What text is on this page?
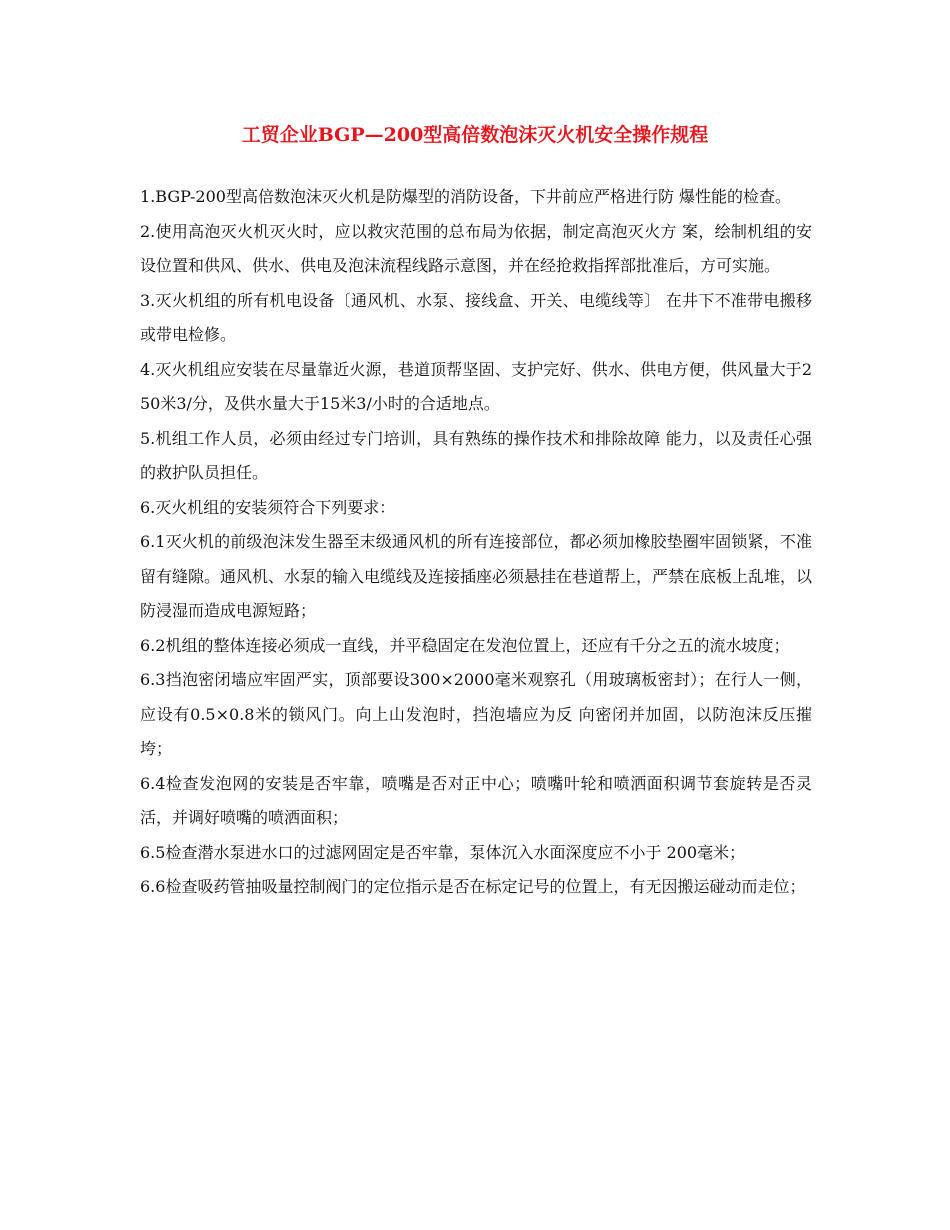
工贸企业BGP—200型高倍数泡沫灭火机安全操作规程

1.BGP-200型高倍数泡沫灭火机是防爆型的消防设备，下井前应严格进行防 爆性能的检查。

2.使用高泡灭火机灭火时，应以救灾范围的总布局为依据，制定高泡灭火方 案，绘制机组的安设位置和供风、供水、供电及泡沫流程线路示意图，并在经抢救指挥部批准后，方可实施。

3.灭火机组的所有机电设备〔通风机、水泵、接线盒、开关、电缆线等〕 在井下不准带电搬移或带电检修。

4.灭火机组应安装在尽量靠近火源，巷道顶帮坚固、支护完好、供水、供电方便，供风量大于250米3/分，及供水量大于15米3/小时的合适地点。

5.机组工作人员，必须由经过专门培训，具有熟练的操作技术和排除故障 能力，以及责任心强的救护队员担任。

6.灭火机组的安装须符合下列要求：

6.1灭火机的前级泡沫发生器至末级通风机的所有连接部位，都必须加橡胶垫圈牢固锁紧，不准留有缝隙。通风机、水泵的输入电缆线及连接插座必须悬挂在巷道帮上，严禁在底板上乱堆，以防浸湿而造成电源短路；

6.2机组的整体连接必须成一直线，并平稳固定在发泡位置上，还应有千分之五的流水坡度；

6.3挡泡密闭墙应牢固严实，顶部要设300×2000毫米观察孔（用玻璃板密封）；在行人一侧，应设有0.5×0.8米的锁风门。向上山发泡时，挡泡墙应为反 向密闭并加固，以防泡沫反压摧垮；

6.4检查发泡网的安装是否牢靠，喷嘴是否对正中心；喷嘴叶轮和喷洒面积调节套旋转是否灵活，并调好喷嘴的喷洒面积；

6.5检查潜水泵进水口的过滤网固定是否牢靠，泵体沉入水面深度应不小于 200毫米；

6.6检查吸药管抽吸量控制阀门的定位指示是否在标定记号的位置上，有无因搬运碰动而走位；
